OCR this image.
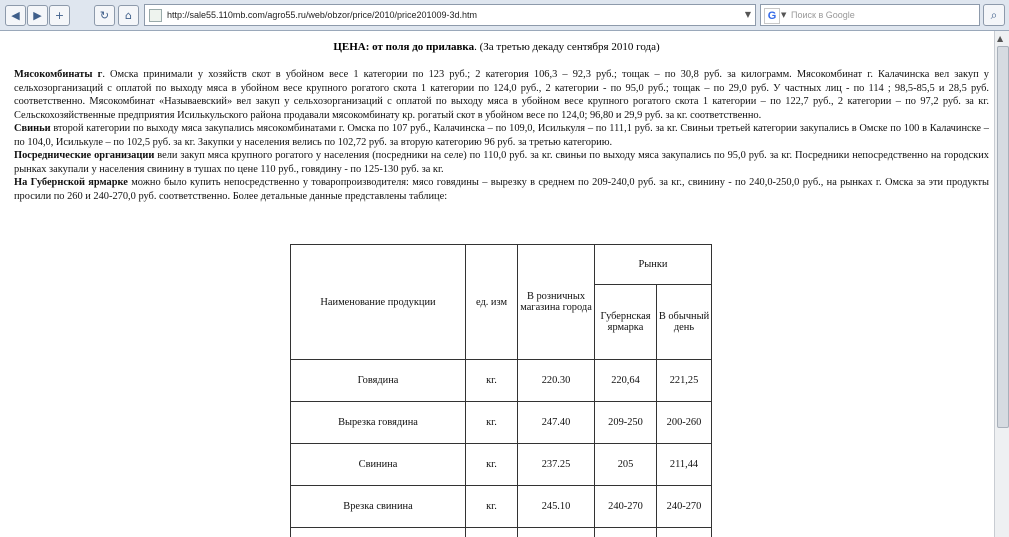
◀	▶	+	↻	⌂	http://sale55.110mb.com/agro55.ru/web/obzor/price/2010/price201009-3d.htm	▼	G ▼ Поиск в Google	⌕
ЦЕНА: от поля до прилавка. (За третью декаду сентября 2010 года)
Мясокомбинаты г. Омска принимали у хозяйств скот в убойном весе 1 категории по 123 руб.; 2 категория 106,3 – 92,3 руб.; тощак – по 30,8 руб. за килограмм. Мясокомбинат г. Калачинска вел закуп у сельхозорганизаций с оплатой по выходу мяса в убойном весе крупного рогатого скота 1 категории по 124,0 руб., 2 категории - по 95,0 руб.; тощак – по 29,0 руб. У частных лиц - по 114 ; 98,5-85,5 и 28,5 руб. соответственно. Мясокомбинат «Называевский» вел закуп у сельхозорганизаций с оплатой по выходу мяса в убойном весе крупного рогатого скота 1 категории – по 122,7 руб., 2 категории – по 97,2 руб. за кг. Сельскохозяйственные предприятия Исилькульского района продавали мясокомбинату кр. рогатый скот в убойном весе по 124,0; 96,80 и 29,9 руб. за кг. соответственно.
Свиньи второй категории по выходу мяса закупались мясокомбинатами г. Омска по 107 руб., Калачинска – по 109,0, Исилькуля – по 111,1 руб. за кг. Свиньи третьей категории закупались в Омске по 100 в Калачинске – по 104,0, Исилькуле – по 102,5 руб. за кг. Закупки у населения велись по 102,72 руб. за вторую категорию 96 руб. за третью категорию.
Посреднические организации вели закуп мяса крупного рогатого у населения (посредники на селе) по 110,0 руб. за кг. свиньи по выходу мяса закупались по 95,0 руб. за кг. Посредники непосредственно на городских рынках закупали у населения свинину в тушах по цене 110 руб., говядину - по 125-130 руб. за кг.
На Губернской ярмарке можно было купить непосредственно у товаропроизводителя: мясо говядины – вырезку в среднем по 209-240,0 руб. за кг., свинину - по 240,0-250,0 руб., на рынках г. Омска за эти продукты просили по 260 и 240-270,0 руб. соответственно. Более детальные данные представлены таблице:
Наименование продукции	ед. изм	В розничных магазина города	Рынки	
			Губернская ярмарка	В обычный день
Говядина	кг.	220.30	220,64	221,25
Вырезка говядина	кг.	247.40	209-250	200-260
Свинина	кг.	237.25	205	211,44
Врезка свинина	кг.	245.10	240-270	240-270

▲
